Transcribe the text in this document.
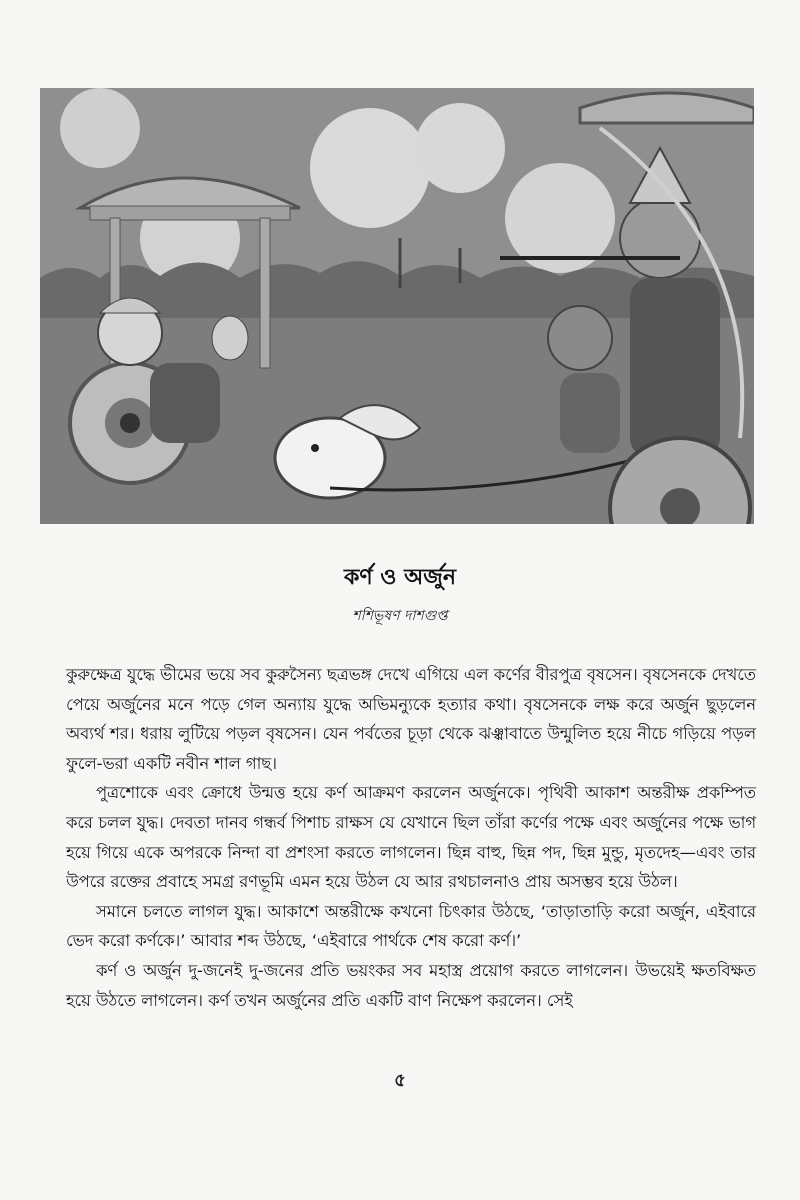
কর্ণ ও অর্জুন
শশিভূষণ দাশগুপ্ত

কুরুক্ষেত্র যুদ্ধে ভীমের ভয়ে সব কুরুসৈন্য ছত্রভঙ্গ দেখে এগিয়ে এল কর্ণের বীরপুত্র বৃষসেন। বৃষসেনকে দেখতে পেয়ে অর্জুনের মনে পড়ে গেল অন্যায় যুদ্ধে অভিমন্যুকে হত্যার কথা। বৃষসেনকে লক্ষ করে অর্জুন ছুড়লেন অব্যর্থ শর। ধরায় লুটিয়ে পড়ল বৃষসেন। যেন পর্বতের চূড়া থেকে ঝঞ্ঝাবাতে উন্মুলিত হয়ে নীচে গড়িয়ে পড়ল ফুলে-ভরা একটি নবীন শাল গাছ।

পুত্রশোকে এবং ক্রোধে উন্মত্ত হয়ে কর্ণ আক্রমণ করলেন অর্জুনকে। পৃথিবী আকাশ অন্তরীক্ষ প্রকম্পিত করে চলল যুদ্ধ। দেবতা দানব গন্ধর্ব পিশাচ রাক্ষস যে যেখানে ছিল তাঁরা কর্ণের পক্ষে এবং অর্জুনের পক্ষে ভাগ হয়ে গিয়ে একে অপরকে নিন্দা বা প্রশংসা করতে লাগলেন। ছিন্ন বাহু, ছিন্ন পদ, ছিন্ন মুন্ডু, মৃতদেহ—এবং তার উপরে রক্তের প্রবাহে সমগ্র রণভূমি এমন হয়ে উঠল যে আর রথচালনাও প্রায় অসম্ভব হয়ে উঠল।

সমানে চলতে লাগল যুদ্ধ। আকাশে অন্তরীক্ষে কখনো চিৎকার উঠছে, ‘তাড়াতাড়ি করো অর্জুন, এইবারে ভেদ করো কর্ণকে।’ আবার শব্দ উঠছে, ‘এইবারে পার্থকে শেষ করো কর্ণ।’

কর্ণ ও অর্জুন দু-জনেই দু-জনের প্রতি ভয়ংকর সব মহাস্ত্র প্রয়োগ করতে লাগলেন। উভয়েই ক্ষতবিক্ষত হয়ে উঠতে লাগলেন। কর্ণ তখন অর্জুনের প্রতি একটি বাণ নিক্ষেপ করলেন। সেই

৫
